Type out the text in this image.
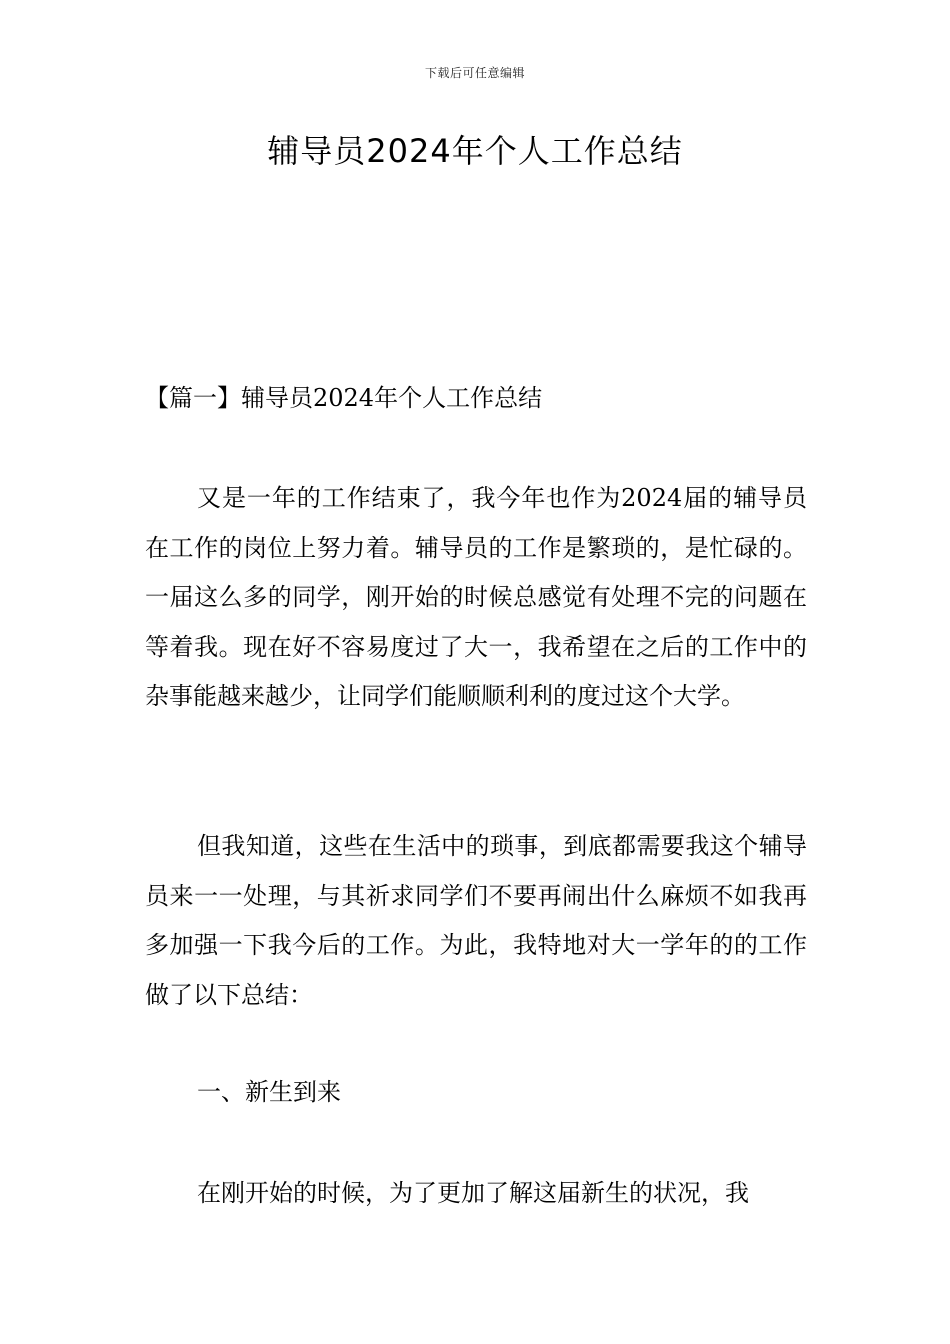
下载后可任意编辑
辅导员2024年个人工作总结
【篇一】辅导员2024年个人工作总结

又是一年的工作结束了，我今年也作为2024届的辅导员在工作的岗位上努力着。辅导员的工作是繁琐的，是忙碌的。一届这么多的同学，刚开始的时候总感觉有处理不完的问题在等着我。现在好不容易度过了大一，我希望在之后的工作中的杂事能越来越少，让同学们能顺顺利利的度过这个大学。

但我知道，这些在生活中的琐事，到底都需要我这个辅导员来一一处理，与其祈求同学们不要再闹出什么麻烦不如我再多加强一下我今后的工作。为此，我特地对大一学年的的工作做了以下总结：

一、新生到来

在刚开始的时候，为了更加了解这届新生的状况，我
